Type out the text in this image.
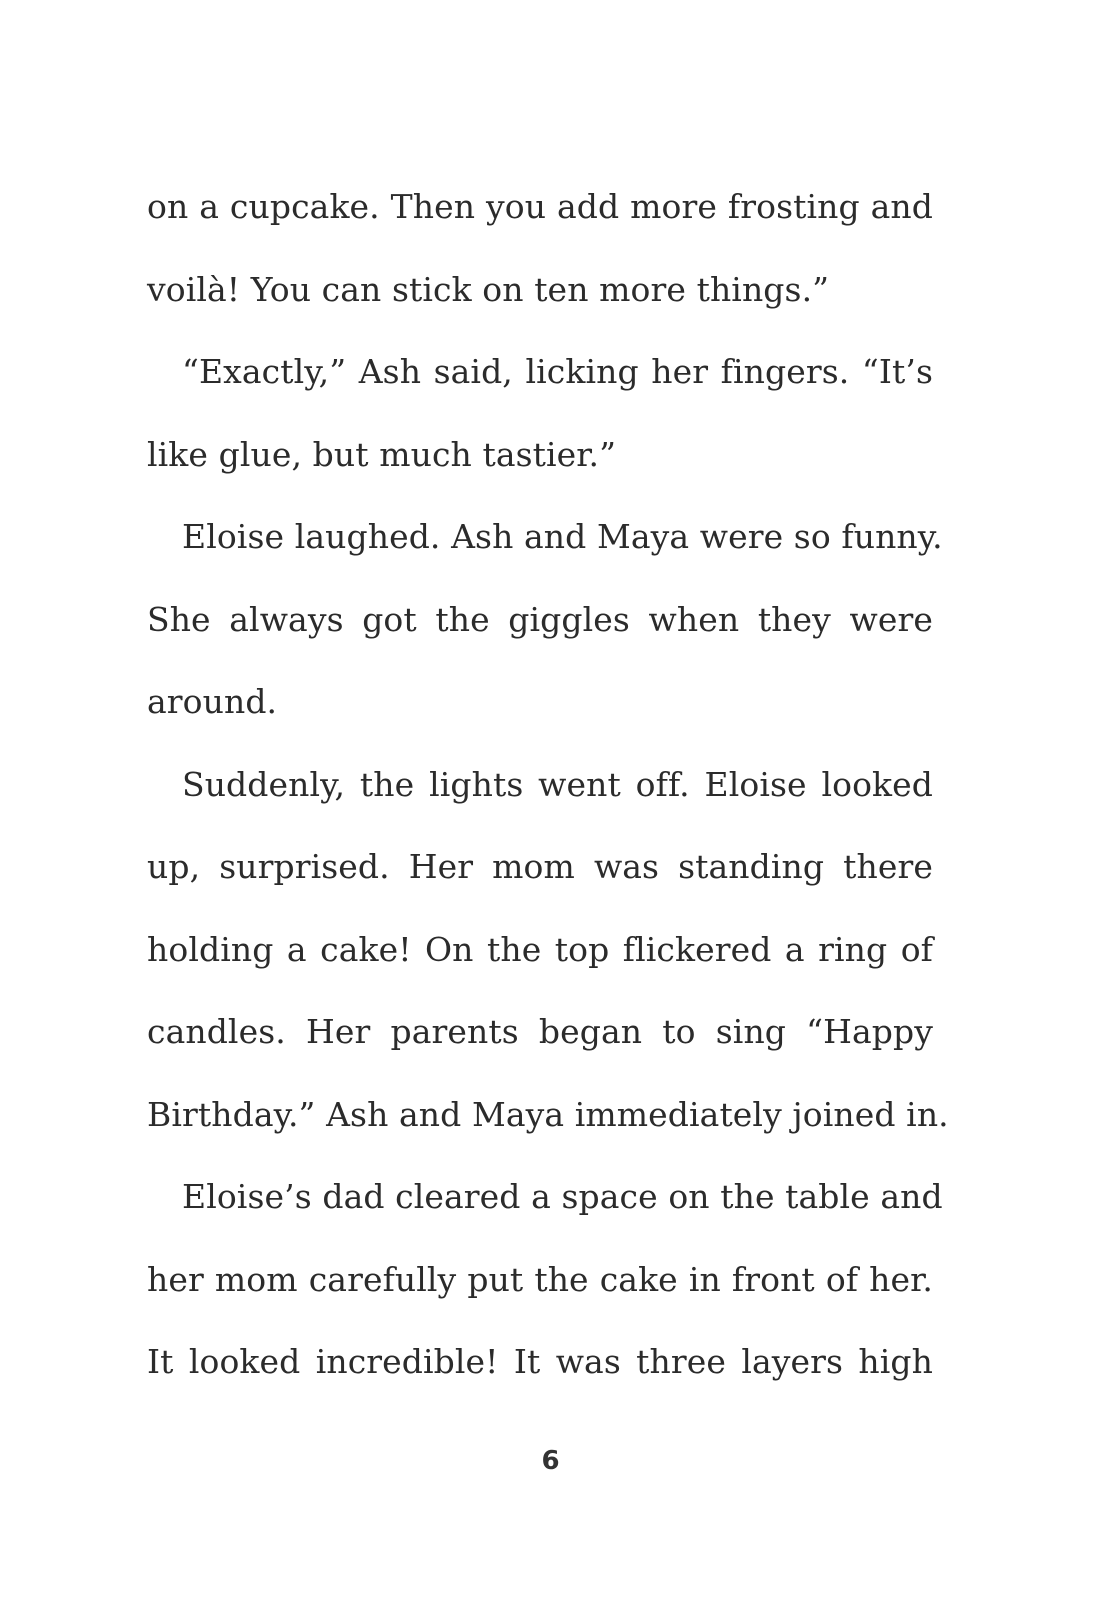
on a cupcake. Then you add more frosting and
voilà! You can stick on ten more things.”
“Exactly,” Ash said, licking her fingers. “It’s
like glue, but much tastier.”
Eloise laughed. Ash and Maya were so funny.
She always got the giggles when they were
around.
Suddenly, the lights went off. Eloise looked
up, surprised. Her mom was standing there
holding a cake! On the top flickered a ring of
candles. Her parents began to sing “Happy
Birthday.” Ash and Maya immediately joined in.
Eloise’s dad cleared a space on the table and
her mom carefully put the cake in front of her.
It looked incredible! It was three layers high
6
